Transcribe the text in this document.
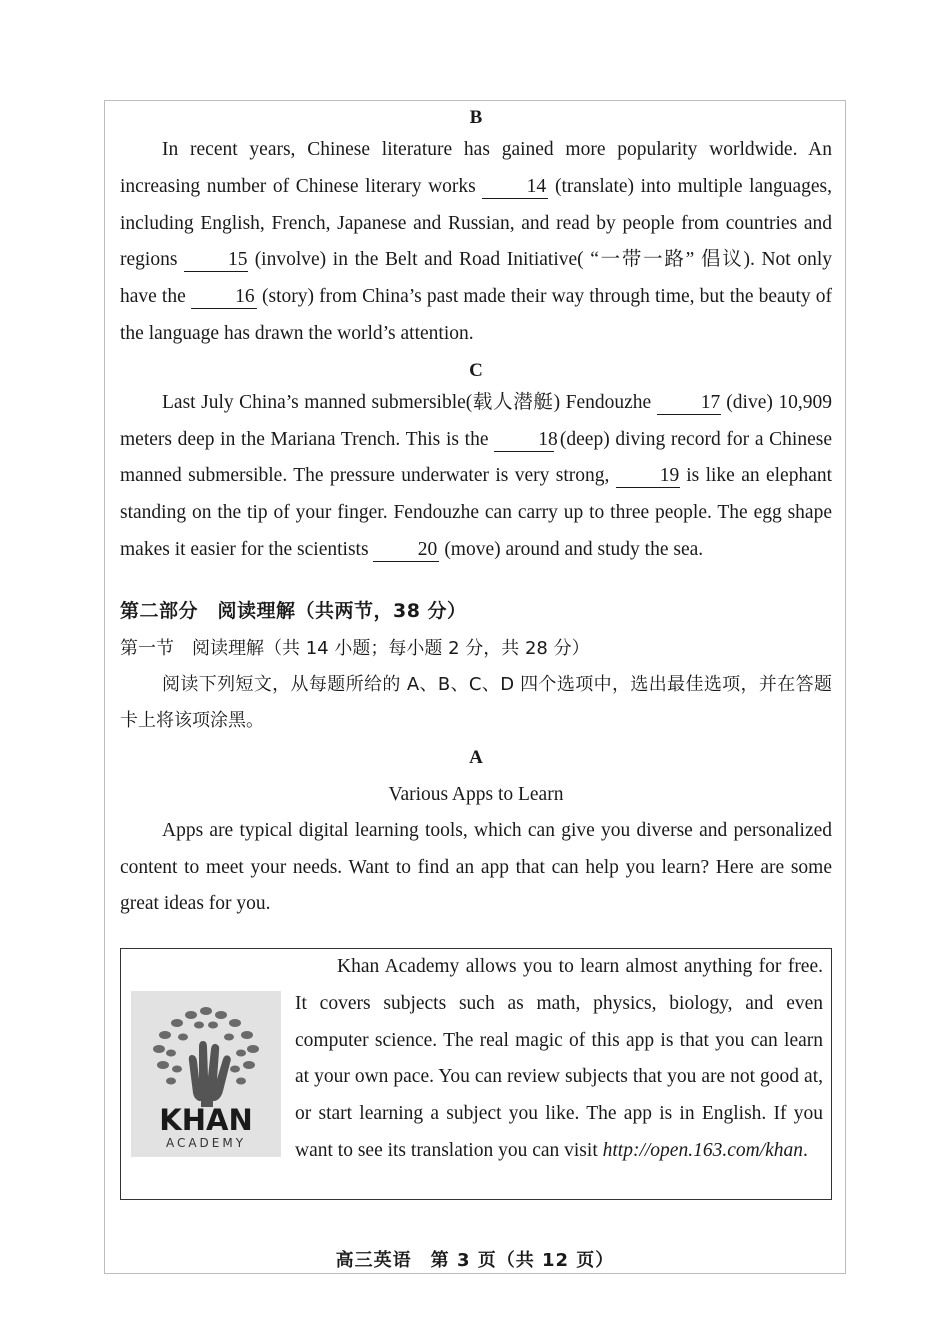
B

In recent years, Chinese literature has gained more popularity worldwide. An increasing number of Chinese literary works	14 (translate) into multiple languages, including English, French, Japanese and Russian, and read by people from countries and regions	15 (involve) in the Belt and Road Initiative( “一带一路” 倡议). Not only have the	16 (story) from China’s past made their way through time, but the beauty of the language has drawn the world’s attention.

C

Last July China’s manned submersible(载人潜艇) Fendouzhe	17 (dive) 10,909 meters deep in the Mariana Trench. This is the	18 (deep) diving record for a Chinese manned submersible. The pressure underwater is very strong,	19 is like an elephant standing on the tip of your finger. Fendouzhe can carry up to three people. The egg shape makes it easier for the scientists	20 (move) around and study the sea.

第二部分　阅读理解（共两节，38 分）
第一节　阅读理解（共 14 小题；每小题 2 分，共 28 分）

阅读下列短文，从每题所给的 A、B、C、D 四个选项中，选出最佳选项，并在答题卡上将该项涂黑。

A
Various Apps to Learn

Apps are typical digital learning tools, which can give you diverse and personalized content to meet your needs. Want to find an app that can help you learn? Here are some great ideas for you.

KHAN
ACADEMY

Khan Academy allows you to learn almost anything for free. It covers subjects such as math, physics, biology, and even computer science. The real magic of this app is that you can learn at your own pace. You can review subjects that you are not good at, or start learning a subject you like. The app is in English. If you want to see its translation you can visit http://open.163.com/khan.

高三英语　第 3 页（共 12 页）
